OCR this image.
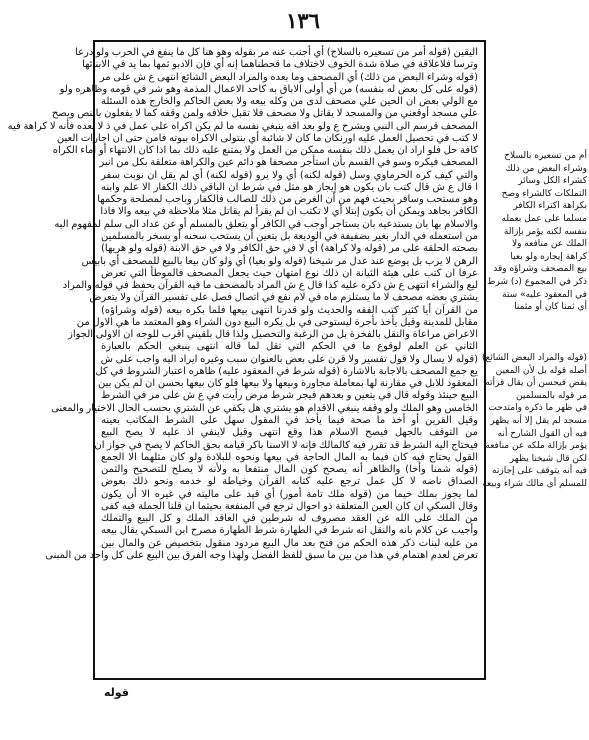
١٣٦
اليقين (قوله أمر من تسعيره بالسلاح) أي أجنب عنه مر بقوله وهو هنا كل ما ينفع في الحرب ولو درعا
وترسا فلاعلاقة في صلاة شدة الخوف لاختلاف ما قحطناهما إنه أي فإن الادبو ثمها بما يد في الابنائها
(قوله وشراء البعض من ذلك) أي المصحف وما بعده والمراد البعض الشائع انتهى ع ش على مر
(قوله على كل بعض له بنفسه) من أي أولى الاباق به كاحد الاعمال المذمة وهو شر في قومه وظاهره ولو
مع الولي بعض ان الحين علي مصحف لدى من وكله بيعه ولا بعض الحاكم والخارج هذه السئلة
علي مسجد أوقعني من والمسجد لا يقاتل ولا مصحف فلا تقبل خلافه ولمن وقفه كما لا يفعلون بالنص ويصح
المصحف قرسم الى النبي ويشرح ع ولو بعد اقه ينبغي نفسه ما لم يكن اكراه على عمل في ذ لا بعده فأنه لا كراهة فيه
لا كتب في تحصيل العمل عليه اورنكان ما كان لا شائبة أي بنتولى الاكراه بيوته فامن حتى ان اجارات العين
كافة حل فلو اراد ان يعمل ذلك بنفسه ممكن من العمل ولا يمتنع عليه ذلك بما اذا كان الانتهاء أو اماء الكراه
المصحف فيكره وسو في القسم بأن استأجر مصحفا هو دائم عين والكراهة متعلقة بكل من انبر
والتي كيف كره الحرماوي وسل (قوله لكنه) أي ولا يرو (قوله لكنه) أي لم يقل ان نوبت سفر
ا قال ع ش قال كتب بان يكون هو إيجاز هو مثل في شرط ان الباقي ذلك الكفار الا علم وابنه
وهو مستحب وسافر بحيث فهم من أن الغرض من ذلك للصالب فالكفار وباجب لمصلحة وحكمها
الكافر بجاهد ويمكن أن يكون إبتلا أي لا تكتب ان لم يقرأ لم يقاتل مثلا ملاحظة في بيعه والا فاذا
والاسلام بها بان يستدعيه بان يستاجر أوجب في الكافر أو يتعلق بالمسلم أو عن عداد الى سلم لمفهوم اليه
من استعمله في الدار بغير بضفيفة في الوديعة بل يتعين أن يستحب سحنه أو يسخر بالمسلمين
بصحته الحلقة على مر (قوله ولا كراهة) أي لا في حق الكافر ولا في حق الابنة (قوله ولو هريها)
الرهن لا يرب بل يوضع عند عدل مر شيخنا (قوله ولو بعيا) أي ولو كان بيعا بالبيع للمصحف أي بابيس
عرفا ان كتب على هيئة الثيانة ان ذلك نوع امتهان حيث يجعل المصحف فالموطأ التي تعرض
ليع والشراء انتهى ع ش ذكره عليه كذا قال ع ش المراد بالمصحف ما فيه القرآن بحفظ في قوله والمراد
يشتري بعضه مصحف لا ما يستلزم ماه في لام نفع في اتصال فصل على تفسير القرآن ولا يتعرض
من القرآن أيا كثير كتب الفقه والحديث ولو قدرنا انتهى بيعها فلما بكره بيعه (قوله وشراؤه)
مقابل للمدينة وقيل يأخذ بأجرة ليستوحى في بل يكره البيع دون الشراء وهو المعتمد ما هي الاول من
الاعراض مراعاة والنقل بالفخرة بل من الرغبة والتحصيل ولذا قال بلقيني اقرب للوجه ان الاولى الجواز
الثاني عن العلم لوقوع ما في الحكم التي تقل لما قاله انتهى ينبغي الحكم بالعبارة
(قوله لا يسال ولا قول تفسير ولا قرن على بعض بالعنوان سبب وغيره ايراد اليه واجب على ش
يع جمع المصحف بالاجابة بالاشارة (قوله شرط في المعقود عليه) ظاهره اعتبار الشروط في كل
المعقود للابل في مقارنة لها بمعاملة مجاورة وبيعها ولا بيعها فلو كان بيعها بحسن ان لم يكن بين
البيع حينئذ وقوله قال في يتعين و بعدهم فيجر شرط مرض رأيت في ع ش على مر في الشرط
الخامس وهو الملك ولو وقفه ينبغي الاقدام هو يشتري هل يكفي عن الشتري بحسب الحال الاختيار والمعنى
وقيل القرين أو أخذ ما صحة فيما يأخذ في المقول سهل على الشرط المكاتب بعينه
من التوقف بالجهل فيصح الاسلام هذا وقع انتهى وقيل لاينفي اذ عليه لا يصح البيع
فيحتاج اليه الشرط قد تقرر فيه كالمالك فإنه لا الاسنا باكر قيامه بحق الحاكم لا يصح في جواز ان
القول يحتاج فيه كان فيما به المال الحاجة في بيعها ونحوه للبلادة ولو كان مثلهما الا الجمع
(قوله شمنا وأخا) والظاهر أنه يصحح كون المال منتفعا به ولأنه لا يصلح للتصحيح والثمن
الصداق ناضه لا كل عمل ترجع عليه كتابه القرآن وخياطة لو خدمه ونحو ذلك بعوض
لما يجوز بملك خيما من (قوله ملك تامة أمور) أي قيد على ماليته في غيره الا أن يكون
وقال السكي ان كان العين المتعلقة ذو احوال ترجع في المنفعة بحيثما ان قلنا الجملة فيه كفى
من الملك على الله عن العقد مصروف له شرطين في العاقد الملك و كل البيع والتملك
وأجيب عن كلام بانه والنقل انه شرط في الطهارة شرط الطهارة مصرح ابن السبكي يقال بيعه
من عليه لبنات ذكر هذه الحكم من فتح بعد مال البيع مردود منقول بتخصيص عن والمال بين
تعرض لعدم اهتمام في هذا من بين ما سبق للفظ الفضل ولهذا وجه الفرق بين البيع على كل واحد من المبنى
أم من تسعيره بالسلاح
وشراء البعض من ذلك
كشراء الكل وسائر
التملكات كالشراء وصح
بكراهة اكتراء الكافر
مسلما على عمل بعمله
بنفسه لكنه يؤمر بإزالة
الملك عن منافعه ولا
كراهة إيجاره ولو بعيا
بيع المصحف وشراؤه وقد
ذكر في المجموع (د) شرط
في المعقود عليه» ستة
أي ثمنا كان أو مثمنا
(قوله والمراد البعض الشائع)
أصله قوله بل لأن المعين
يقض فيحسن أن يقال قرأته
مر قوله بالمسلمين
في ظهر ما ذكره وامتدحت
مسجد لم يقل إلا أنه يظهر
فيه أن القول الشارح أنه
يؤمر بإزالة ملكه عن منافعه
لكن قال شيخنا يظهر
فيه أنه يتوقف على إجازته
للمسلم أي مالك شراء وبيعه
قوله
